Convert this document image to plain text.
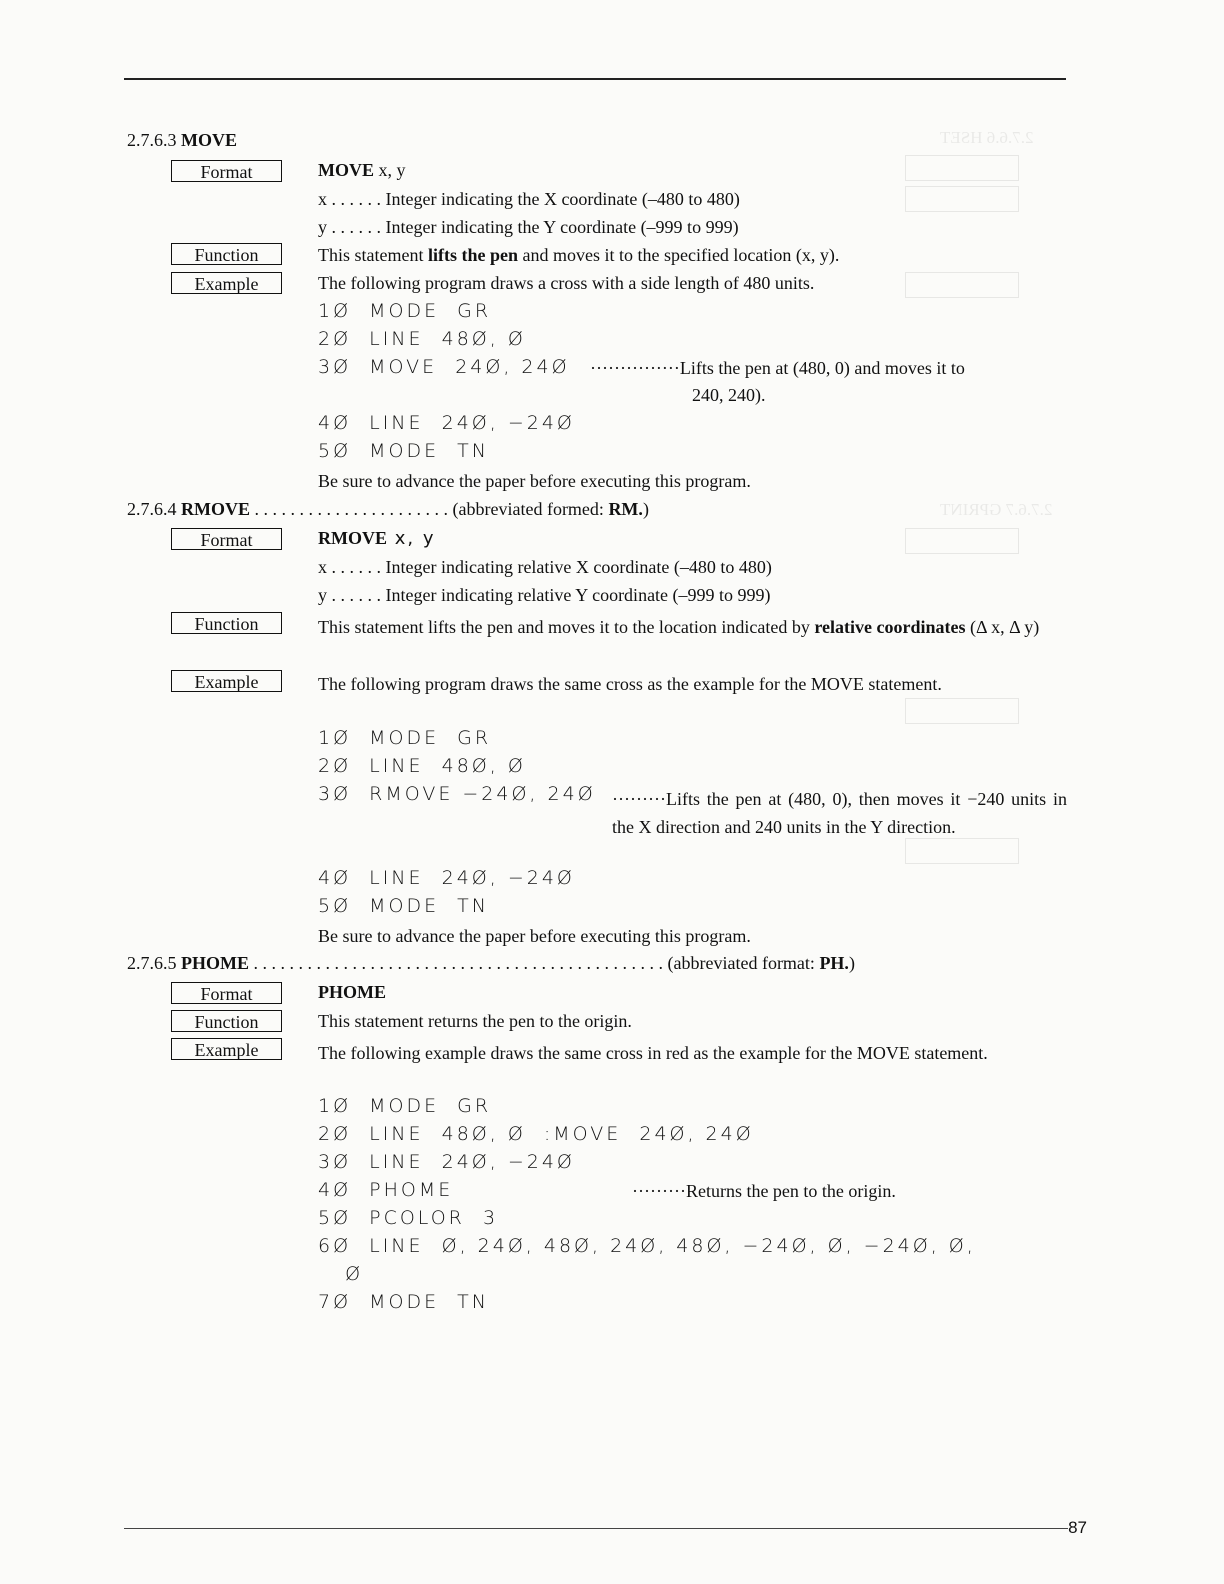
2.7.6.6 HSET
2.7.6.7 GPRINT
2.7.6.3 MOVE
Format	MOVE x, y
x . . . . . . Integer indicating the X coordinate (–480 to 480)
y . . . . . . Integer indicating the Y coordinate (–999 to 999)
Function	This statement lifts the pen and moves it to the specified location (x, y).
Example	The following program draws a cross with a side length of 480 units.
1Ø  MODE  GR
2Ø  LINE  48Ø, Ø
3Ø  MOVE  24Ø, 24Ø ···············Lifts the pen at (480, 0) and moves it to
240, 240).
4Ø  LINE  24Ø, −24Ø
5Ø  MODE  TN
Be sure to advance the paper before executing this program.
2.7.6.4 RMOVE . . . . . . . . . . . . . . . . . . . . . . (abbreviated formed: RM.)
Format	RMOVE x, y
x . . . . . . Integer indicating relative X coordinate (–480 to 480)
y . . . . . . Integer indicating relative Y coordinate (–999 to 999)
Function	This statement lifts the pen and moves it to the location indicated by relative coordinates (Δ x, Δ y)
Example	The following program draws the same cross as the example for the MOVE statement.
1Ø  MODE  GR
2Ø  LINE  48Ø, Ø
3Ø  RMOVE −24Ø, 24Ø ·········Lifts the pen at (480, 0), then moves it −240 units in the X direction and 240 units in the Y direction.
4Ø  LINE  24Ø, −24Ø
5Ø  MODE  TN
Be sure to advance the paper before executing this program.
2.7.6.5 PHOME . . . . . . . . . . . . . . . . . . . . . . . . . . . . . . . . . . . . . . . . . . . . . . (abbreviated format: PH.)
Format	PHOME
Function	This statement returns the pen to the origin.
Example	The following example draws the same cross in red as the example for the MOVE statement.
1Ø  MODE  GR
2Ø  LINE  48Ø, Ø  :MOVE  24Ø, 24Ø
3Ø  LINE  24Ø, −24Ø
4Ø  PHOME	·········Returns the pen to the origin.
5Ø  PCOLOR  3
6Ø  LINE  Ø, 24Ø, 48Ø, 24Ø, 48Ø, −24Ø, Ø, −24Ø, Ø,
Ø
7Ø  MODE  TN
87
